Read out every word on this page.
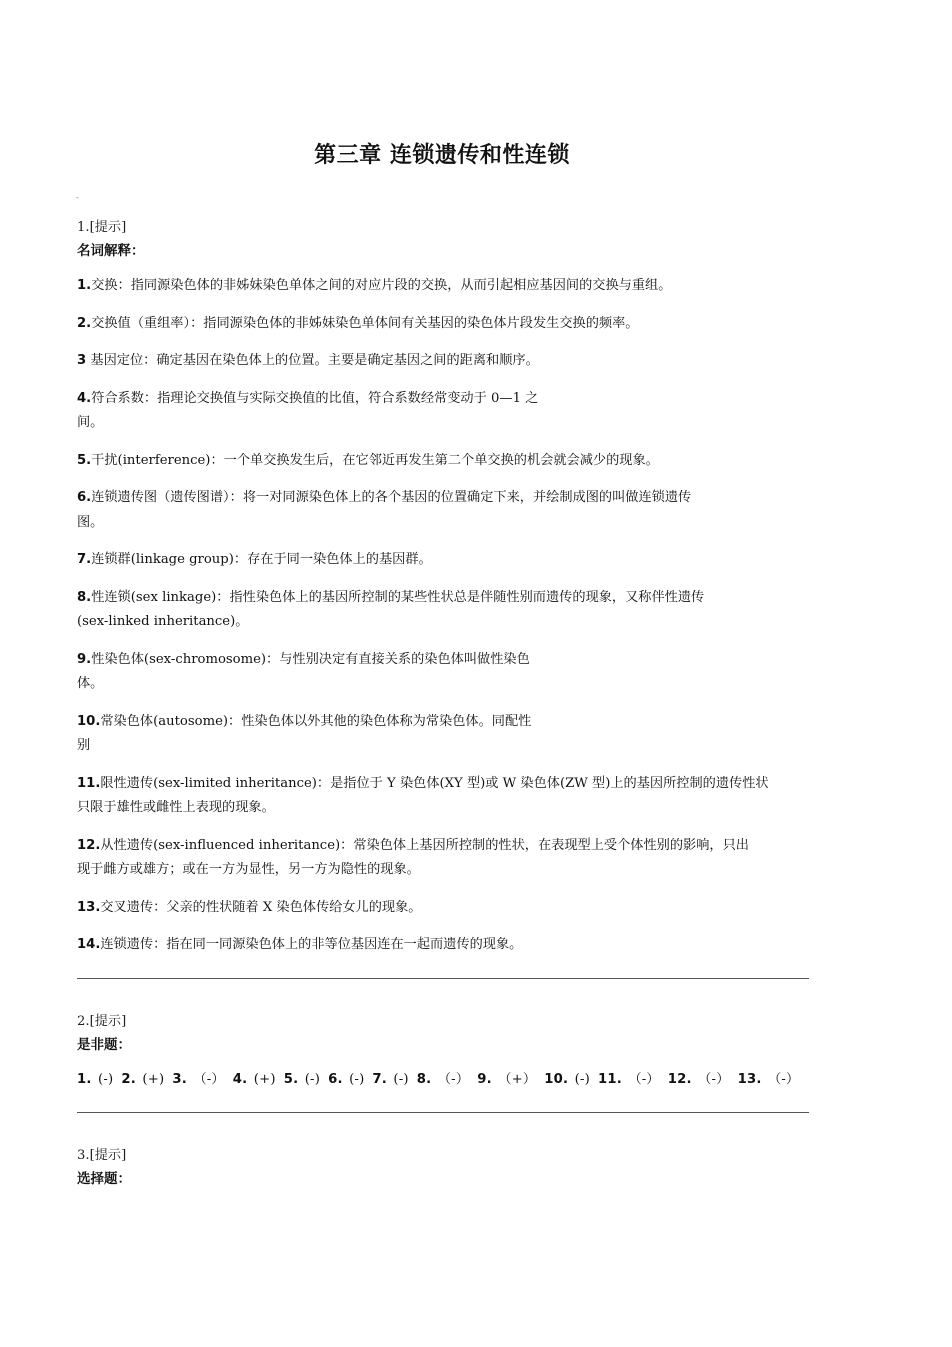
第三章 连锁遗传和性连锁
-
1.[提示]
名词解释：
1.交换：指同源染色体的非姊妹染色单体之间的对应片段的交换，从而引起相应基因间的交换与重组。
2.交换值（重组率）：指同源染色体的非姊妹染色单体间有关基因的染色体片段发生交换的频率。
3 基因定位：确定基因在染色体上的位置。主要是确定基因之间的距离和顺序。
4.符合系数：指理论交换值与实际交换值的比值，符合系数经常变动于 0—1 之
间。
5.干扰(interference)：一个单交换发生后，在它邻近再发生第二个单交换的机会就会减少的现象。
6.连锁遗传图（遗传图谱）：将一对同源染色体上的各个基因的位置确定下来，并绘制成图的叫做连锁遗传
图。
7.连锁群(linkage group)：存在于同一染色体上的基因群。
8.性连锁(sex linkage)：指性染色体上的基因所控制的某些性状总是伴随性别而遗传的现象，又称伴性遗传
(sex-linked inheritance)。
9.性染色体(sex-chromosome)：与性别决定有直接关系的染色体叫做性染色
体。
10.常染色体(autosome)：性染色体以外其他的染色体称为常染色体。同配性
别
11.限性遗传(sex-limited inheritance)：是指位于 Y 染色体(XY 型)或 W 染色体(ZW 型)上的基因所控制的遗传性状
只限于雄性或雌性上表现的现象。
12.从性遗传(sex-influenced inheritance)：常染色体上基因所控制的性状，在表现型上受个体性别的影响，只出
现于雌方或雄方；或在一方为显性，另一方为隐性的现象。
13.交叉遗传：父亲的性状随着 X 染色体传给女儿的现象。
14.连锁遗传：指在同一同源染色体上的非等位基因连在一起而遗传的现象。
2.[提示]
是非题：
1. (-) 2. (+) 3. （-） 4. (+) 5. (-) 6. (-) 7. (-) 8. （-） 9. （+） 10. (-) 11. （-） 12. （-） 13. （-）
3.[提示]
选择题：
